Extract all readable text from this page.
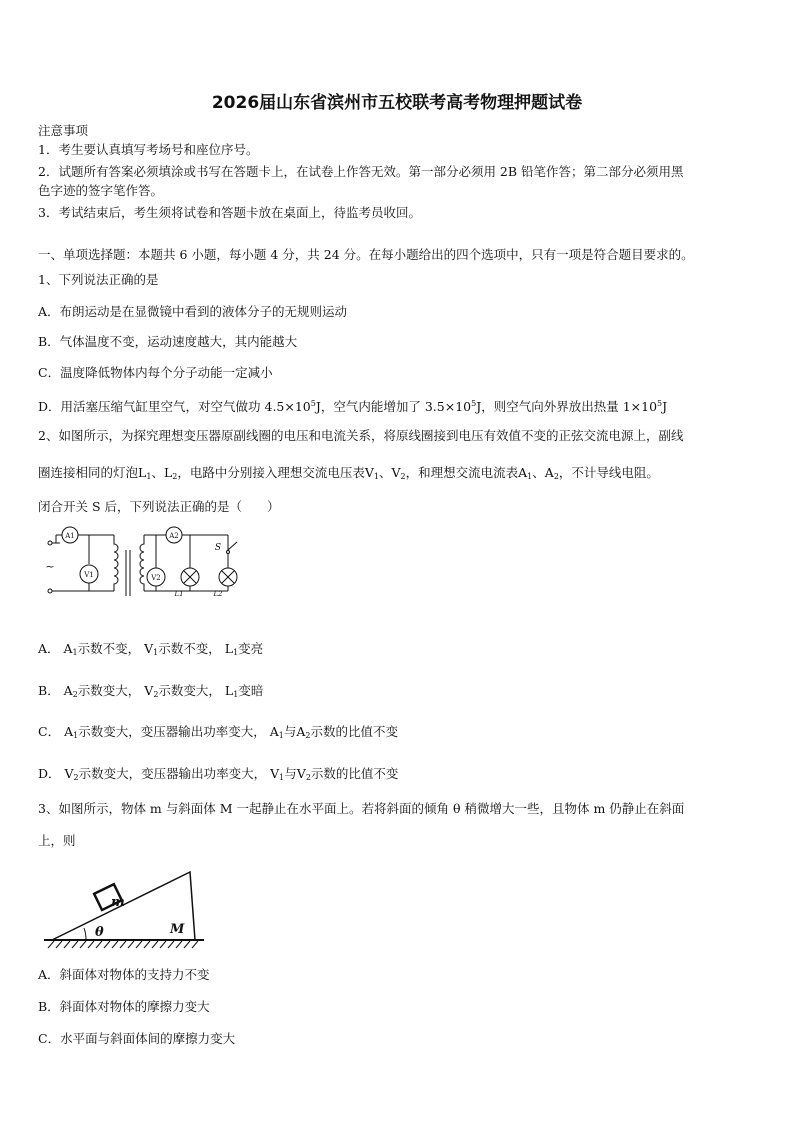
2026届山东省滨州市五校联考高考物理押题试卷
注意事项
1．考生要认真填写考场号和座位序号。
2．试题所有答案必须填涂或书写在答题卡上，在试卷上作答无效。第一部分必须用 2B 铅笔作答；第二部分必须用黑
色字迹的签字笔作答。
3．考试结束后，考生须将试卷和答题卡放在桌面上，待监考员收回。
一、单项选择题：本题共 6 小题，每小题 4 分，共 24 分。在每小题给出的四个选项中，只有一项是符合题目要求的。
1、下列说法正确的是
A．布朗运动是在显微镜中看到的液体分子的无规则运动
B．气体温度不变，运动速度越大，其内能越大
C．温度降低物体内每个分子动能一定减小
D．用活塞压缩气缸里空气，对空气做功 $4.5\times 10^5J$，空气内能增加了 $3.5\times 10^5J$，则空气向外界放出热量 $1\times 10^5J$
2、如图所示，为探究理想变压器原副线圈的电压和电流关系，将原线圈接到电压有效值不变的正弦交流电源上，副线
圈连接相同的灯泡$L_1$、$L_2$，电路中分别接入理想交流电压表$V_1$、$V_2$，和理想交流电流表$A_1$、$A_2$，不计导线电阻。
闭合开关 S 后，下列说法正确的是（　　）
A1
V1
A2
V2
L1	L2
S
~
A． $A_1$示数不变， $V_1$示数不变， $L_1$变亮
B． $A_2$示数变大， $V_2$示数变大， $L_1$变暗
C． $A_1$示数变大，变压器输出功率变大， $A_1$与$A_2$示数的比值不变
D． $V_2$示数变大，变压器输出功率变大， $V_1$与$V_2$示数的比值不变
3、如图所示，物体 m 与斜面体 M 一起静止在水平面上。若将斜面的倾角 θ 稍微增大一些，且物体 m 仍静止在斜面
上，则
m
M
θ
A．斜面体对物体的支持力不变
B．斜面体对物体的摩擦力变大
C．水平面与斜面体间的摩擦力变大
